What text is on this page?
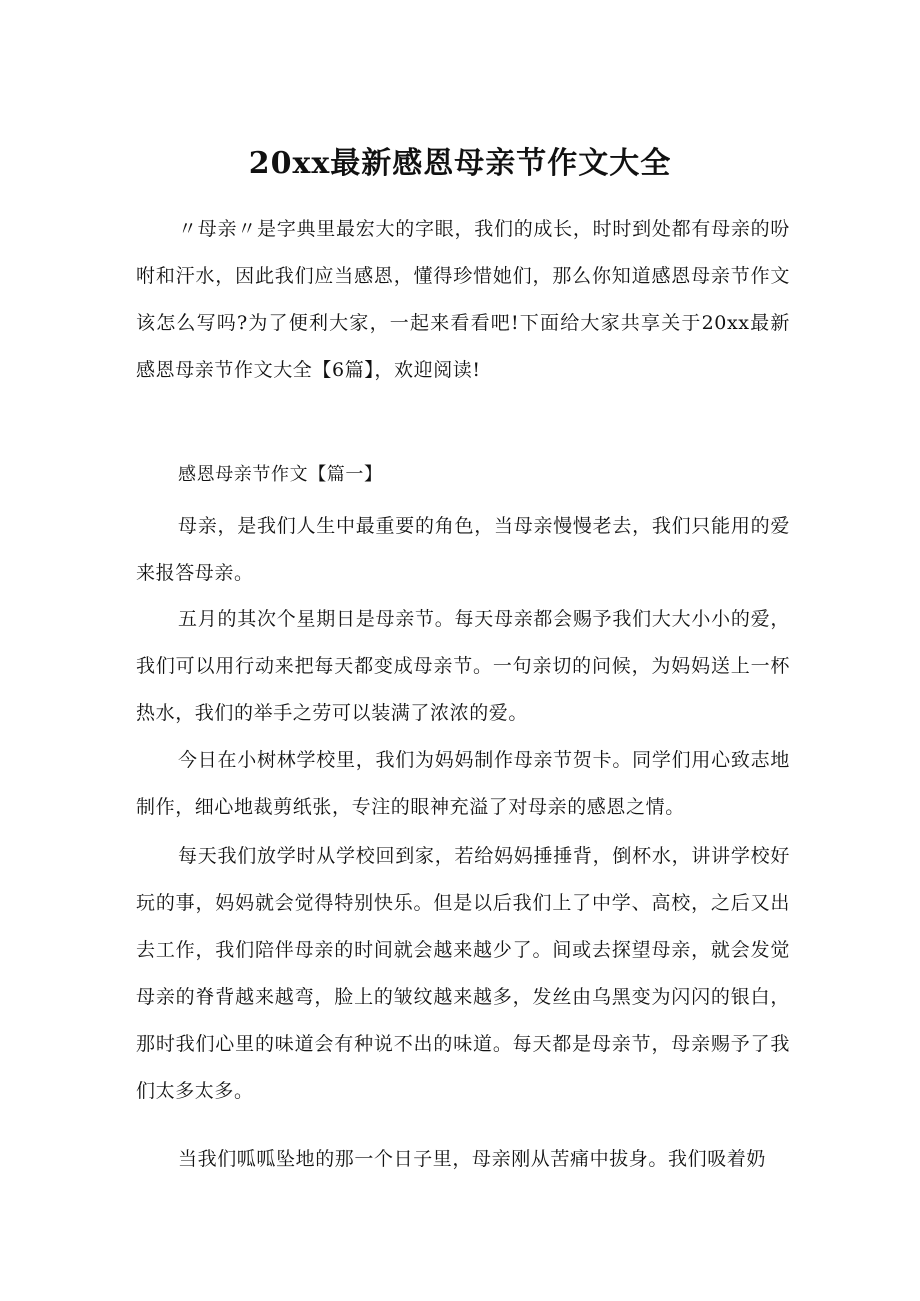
20xx最新感恩母亲节作文大全

〃母亲〃是字典里最宏大的字眼，我们的成长，时时到处都有母亲的吩咐和汗水，因此我们应当感恩，懂得珍惜她们，那么你知道感恩母亲节作文该怎么写吗?为了便利大家，一起来看看吧!下面给大家共享关于20xx最新感恩母亲节作文大全【6篇】，欢迎阅读!

感恩母亲节作文【篇一】

母亲，是我们人生中最重要的角色，当母亲慢慢老去，我们只能用的爱来报答母亲。

五月的其次个星期日是母亲节。每天母亲都会赐予我们大大小小的爱，我们可以用行动来把每天都变成母亲节。一句亲切的问候，为妈妈送上一杯热水，我们的举手之劳可以装满了浓浓的爱。

今日在小树林学校里，我们为妈妈制作母亲节贺卡。同学们用心致志地制作，细心地裁剪纸张，专注的眼神充溢了对母亲的感恩之情。

每天我们放学时从学校回到家，若给妈妈捶捶背，倒杯水，讲讲学校好玩的事，妈妈就会觉得特别快乐。但是以后我们上了中学、高校，之后又出去工作，我们陪伴母亲的时间就会越来越少了。间或去探望母亲，就会发觉母亲的脊背越来越弯，脸上的皱纹越来越多，发丝由乌黑变为闪闪的银白，那时我们心里的味道会有种说不出的味道。每天都是母亲节，母亲赐予了我们太多太多。

当我们呱呱坠地的那一个日子里，母亲刚从苦痛中拔身。我们吸着奶
